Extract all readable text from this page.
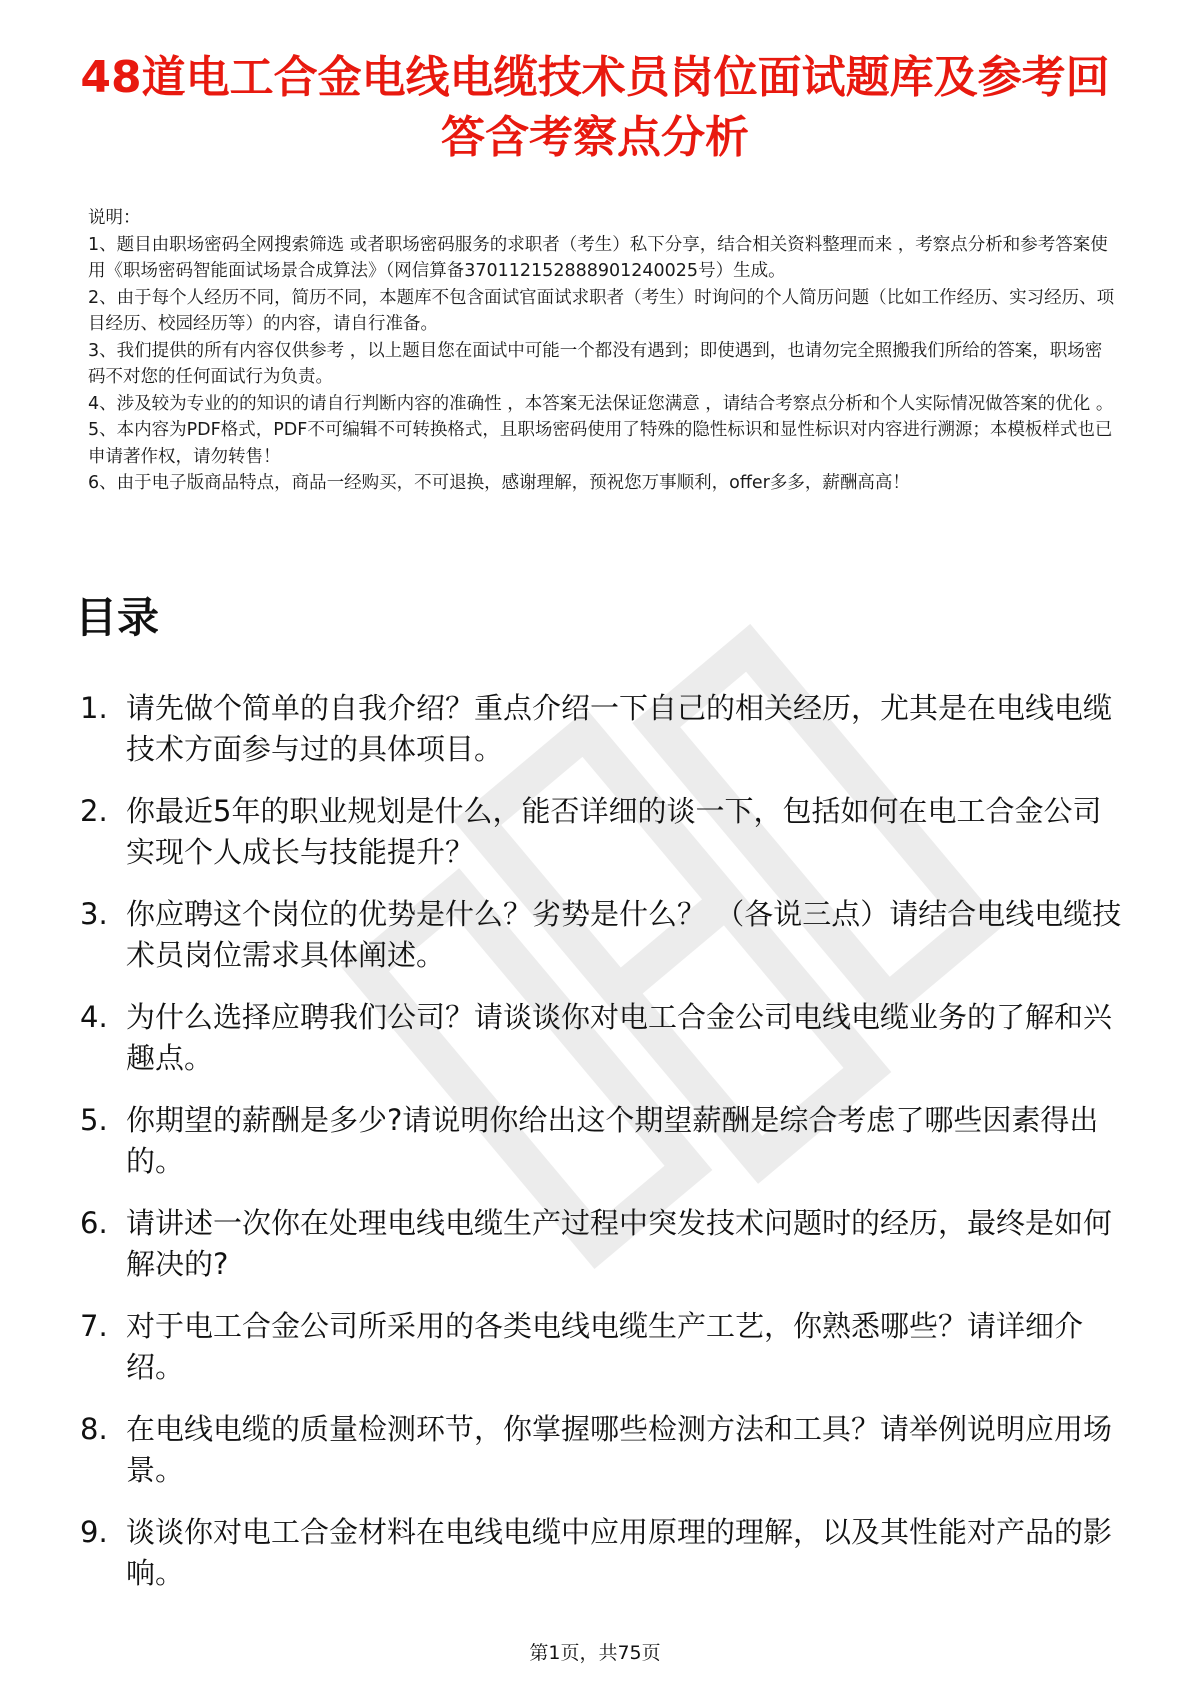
48道电工合金电线电缆技术员岗位面试题库及参考回答含考察点分析

说明：

1、题目由职场密码全网搜索筛选 或者职场密码服务的求职者（考生）私下分享，结合相关资料整理而来 ，考察点分析和参考答案使用《职场密码智能面试场景合成算法》（网信算备370112152888901240025号）生成。

2、由于每个人经历不同，简历不同，本题库不包含面试官面试求职者（考生）时询问的个人简历问题（比如工作经历、实习经历、项目经历、校园经历等）的内容，请自行准备。

3、我们提供的所有内容仅供参考 ，以上题目您在面试中可能一个都没有遇到；即使遇到，也请勿完全照搬我们所给的答案，职场密码不对您的任何面试行为负责。

4、涉及较为专业的的知识的请自行判断内容的准确性 ，本答案无法保证您满意 ，请结合考察点分析和个人实际情况做答案的优化 。

5、本内容为PDF格式，PDF不可编辑不可转换格式，且职场密码使用了特殊的隐性标识和显性标识对内容进行溯源；本模板样式也已申请著作权，请勿转售！

6、由于电子版商品特点，商品一经购买，不可退换，感谢理解，预祝您万事顺利，offer多多，薪酬高高！

目录
1. 请先做个简单的自我介绍？重点介绍一下自己的相关经历，尤其是在电线电缆技术方面参与过的具体项目。
2. 你最近5年的职业规划是什么，能否详细的谈一下，包括如何在电工合金公司实现个人成长与技能提升？
3. 你应聘这个岗位的优势是什么？劣势是什么？ （各说三点）请结合电线电缆技术员岗位需求具体阐述。
4. 为什么选择应聘我们公司？请谈谈你对电工合金公司电线电缆业务的了解和兴趣点。
5. 你期望的薪酬是多少?请说明你给出这个期望薪酬是综合考虑了哪些因素得出的。
6. 请讲述一次你在处理电线电缆生产过程中突发技术问题时的经历，最终是如何解决的?
7. 对于电工合金公司所采用的各类电线电缆生产工艺，你熟悉哪些？请详细介绍。
8. 在电线电缆的质量检测环节，你掌握哪些检测方法和工具？请举例说明应用场景。
9. 谈谈你对电工合金材料在电线电缆中应用原理的理解，以及其性能对产品的影响。
第1页，共75页
